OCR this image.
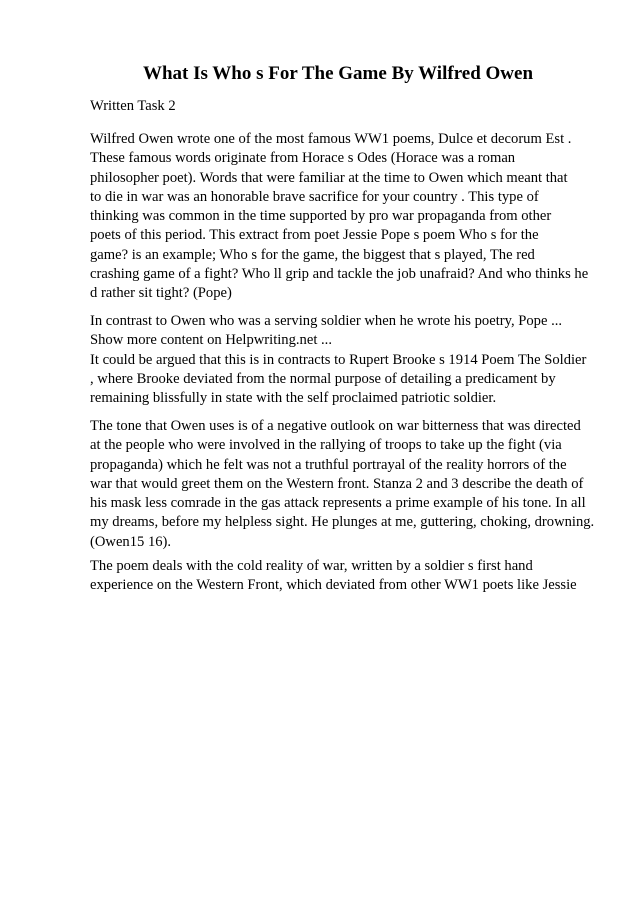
What Is Who s For The Game By Wilfred Owen
Written Task 2
Wilfred Owen wrote one of the most famous WW1 poems, Dulce et decorum Est .
These famous words originate from Horace s Odes (Horace was a roman
philosopher poet). Words that were familiar at the time to Owen which meant that
to die in war was an honorable brave sacrifice for your country . This type of
thinking was common in the time supported by pro war propaganda from other
poets of this period. This extract from poet Jessie Pope s poem Who s for the
game? is an example; Who s for the game, the biggest that s played, The red
crashing game of a fight? Who ll grip and tackle the job unafraid? And who thinks he
d rather sit tight? (Pope)
In contrast to Owen who was a serving soldier when he wrote his poetry, Pope ...
Show more content on Helpwriting.net ...
It could be argued that this is in contracts to Rupert Brooke s 1914 Poem The Soldier
, where Brooke deviated from the normal purpose of detailing a predicament by
remaining blissfully in state with the self proclaimed patriotic soldier.
The tone that Owen uses is of a negative outlook on war bitterness that was directed
at the people who were involved in the rallying of troops to take up the fight (via
propaganda) which he felt was not a truthful portrayal of the reality horrors of the
war that would greet them on the Western front. Stanza 2 and 3 describe the death of
his mask less comrade in the gas attack represents a prime example of his tone. In all
my dreams, before my helpless sight. He plunges at me, guttering, choking, drowning.
(Owen15 16).
The poem deals with the cold reality of war, written by a soldier s first hand
experience on the Western Front, which deviated from other WW1 poets like Jessie
